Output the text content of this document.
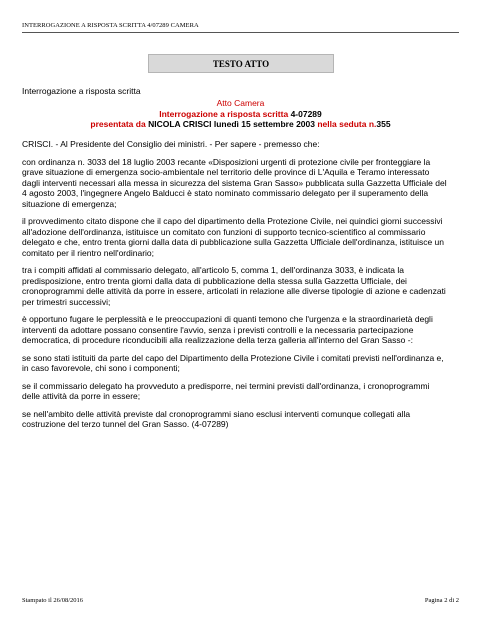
INTERROGAZIONE A RISPOSTA SCRITTA 4/07289 CAMERA
TESTO ATTO
Interrogazione a risposta scritta
Atto Camera
Interrogazione a risposta scritta 4-07289
presentata da NICOLA CRISCI lunedì 15 settembre 2003 nella seduta n.355

CRISCI. - Al Presidente del Consiglio dei ministri. - Per sapere - premesso che:

con ordinanza n. 3033 del 18 luglio 2003 recante «Disposizioni urgenti di protezione civile per fronteggiare la grave situazione di emergenza socio-ambientale nel territorio delle province di L'Aquila e Teramo interessato dagli interventi necessari alla messa in sicurezza del sistema Gran Sasso» pubblicata sulla Gazzetta Ufficiale del 4 agosto 2003, l'ingegnere Angelo Balducci è stato nominato commissario delegato per il superamento della situazione di emergenza;

il provvedimento citato dispone che il capo del dipartimento della Protezione Civile, nei quindici giorni successivi all'adozione dell'ordinanza, istituisce un comitato con funzioni di supporto tecnico-scientifico al commissario delegato e che, entro trenta giorni dalla data di pubblicazione sulla Gazzetta Ufficiale dell'ordinanza, istituisce un comitato per il rientro nell'ordinario;

tra i compiti affidati al commissario delegato, all'articolo 5, comma 1, dell'ordinanza 3033, è indicata la predisposizione, entro trenta giorni dalla data di pubblicazione della stessa sulla Gazzetta Ufficiale, dei cronoprogrammi delle attività da porre in essere, articolati in relazione alle diverse tipologie di azione e cadenzati per trimestri successivi;

è opportuno fugare le perplessità e le preoccupazioni di quanti temono che l'urgenza e la straordinarietà degli interventi da adottare possano consentire l'avvio, senza i previsti controlli e la necessaria partecipazione democratica, di procedure riconducibili alla realizzazione della terza galleria all'interno del Gran Sasso -:

se sono stati istituiti da parte del capo del Dipartimento della Protezione Civile i comitati previsti nell'ordinanza e, in caso favorevole, chi sono i componenti;

se il commissario delegato ha provveduto a predisporre, nei termini previsti dall'ordinanza, i cronoprogrammi delle attività da porre in essere;

se nell'ambito delle attività previste dal cronoprogrammi siano esclusi interventi comunque collegati alla costruzione del terzo tunnel del Gran Sasso. (4-07289)

Stampato il 26/08/2016	Pagina 2 di 2
